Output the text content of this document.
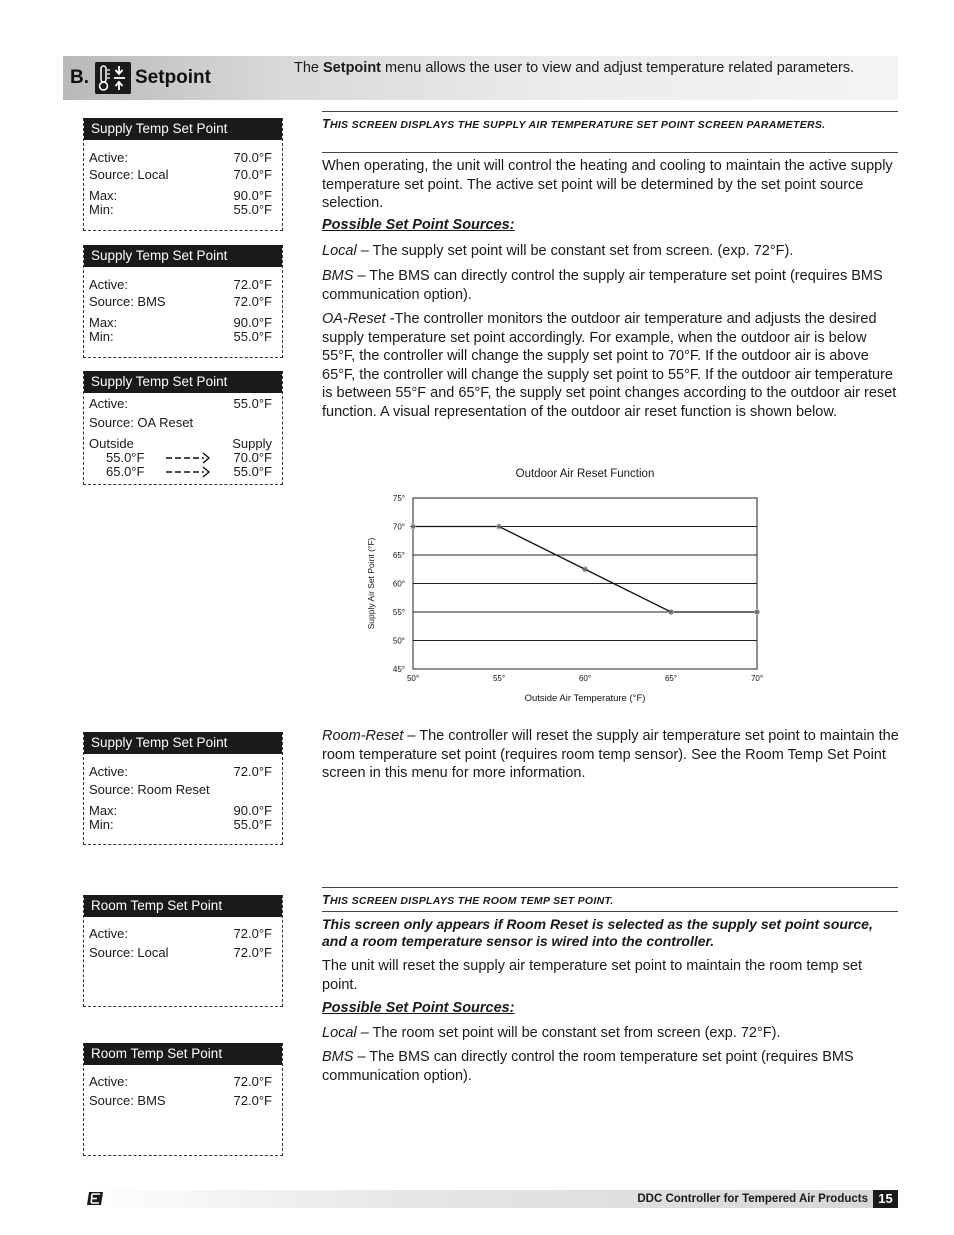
B. Setpoint	The Setpoint menu allows the user to view and adjust temperature related parameters.
Supply Temp Set Point
Active:	70.0°F
Source: Local	70.0°F
Max:	90.0°F
Min:	55.0°F
Supply Temp Set Point
Active:	72.0°F
Source: BMS	72.0°F
Max:	90.0°F
Min:	55.0°F
Supply Temp Set Point
Active:	55.0°F
Source: OA Reset
Outside	Supply
55.0°F	70.0°F
65.0°F	55.0°F
Supply Temp Set Point
Active:	72.0°F
Source: Room Reset
Max:	90.0°F
Min:	55.0°F
Room Temp Set Point
Active:	72.0°F
Source: Local	72.0°F
Room Temp Set Point
Active:	72.0°F
Source: BMS	72.0°F
THIS SCREEN DISPLAYS THE SUPPLY AIR TEMPERATURE SET POINT SCREEN PARAMETERS.
When operating, the unit will control the heating and cooling to maintain the active supply temperature set point. The active set point will be determined by the set point source selection.
Possible Set Point Sources:
Local – The supply set point will be constant set from screen. (exp. 72°F).
BMS – The BMS can directly control the supply air temperature set point (requires BMS communication option).
OA-Reset -The controller monitors the outdoor air temperature and adjusts the desired supply temperature set point accordingly. For example, when the outdoor air is below 55°F, the controller will change the supply set point to 70°F. If the outdoor air is above 65°F, the controller will change the supply set point to 55°F. If the outdoor air temperature is between 55°F and 65°F, the supply set point changes according to the outdoor air reset function. A visual representation of the outdoor air reset function is shown below.
Outdoor Air Reset Function
45°
50°
55°
60°
65°
70°
75°
50°	55°	60°	65°	70°
Outside Air Temperature (°F)
Supply Air Set Point (°F)
Room-Reset – The controller will reset the supply air temperature set point to maintain the room temperature set point (requires room temp sensor). See the Room Temp Set Point screen in this menu for more information.
THIS SCREEN DISPLAYS THE ROOM TEMP SET POINT.
This screen only appears if Room Reset is selected as the supply set point source, and a room temperature sensor is wired into the controller.
The unit will reset the supply air temperature set point to maintain the room temp set point.
Possible Set Point Sources:
Local – The room set point will be constant set from screen (exp. 72°F).
BMS – The BMS can directly control the room temperature set point (requires BMS communication option).
DDC Controller for Tempered Air Products 15
